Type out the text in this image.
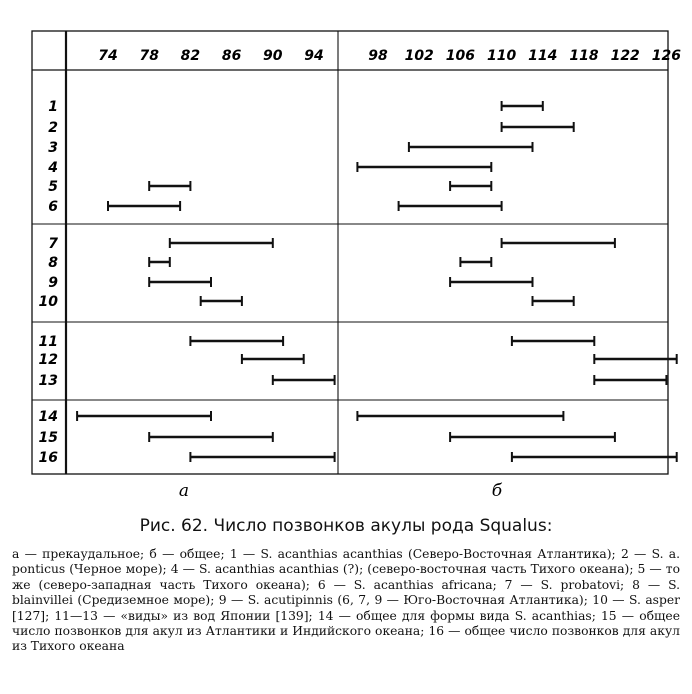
74 78 82 86 90 94	98 102 106 110 114 118 122 126
1
2
3
4
5
6
7
8
9
10
11
12
13
14
15
16
а	б
Рис. 62. Число позвонков акулы рода Squalus:
а — прекаудальное; б — общее; 1 — S. acanthias acanthias (Северо-Восточная Атлантика); 2 — S. a. ponticus (Черное море); 4 — S. acanthias acanthias (?); (северо-восточная часть Тихого океана); 5 — то же (северо-западная часть Тихого океана); 6 — S. acanthias africana; 7 — S. probatovi; 8 — S. blainvillei (Средиземное море); 9 — S. acutipinnis (6, 7, 9 — Юго-Восточная Атлантика); 10 — S. asper [127]; 11—13 — «виды» из вод Японии [139]; 14 — общее для формы вида S. acanthias; 15 — общее число позвонков для акул из Атлантики и Индийского океана; 16 — общее число позвонков для акул из Тихого океана
